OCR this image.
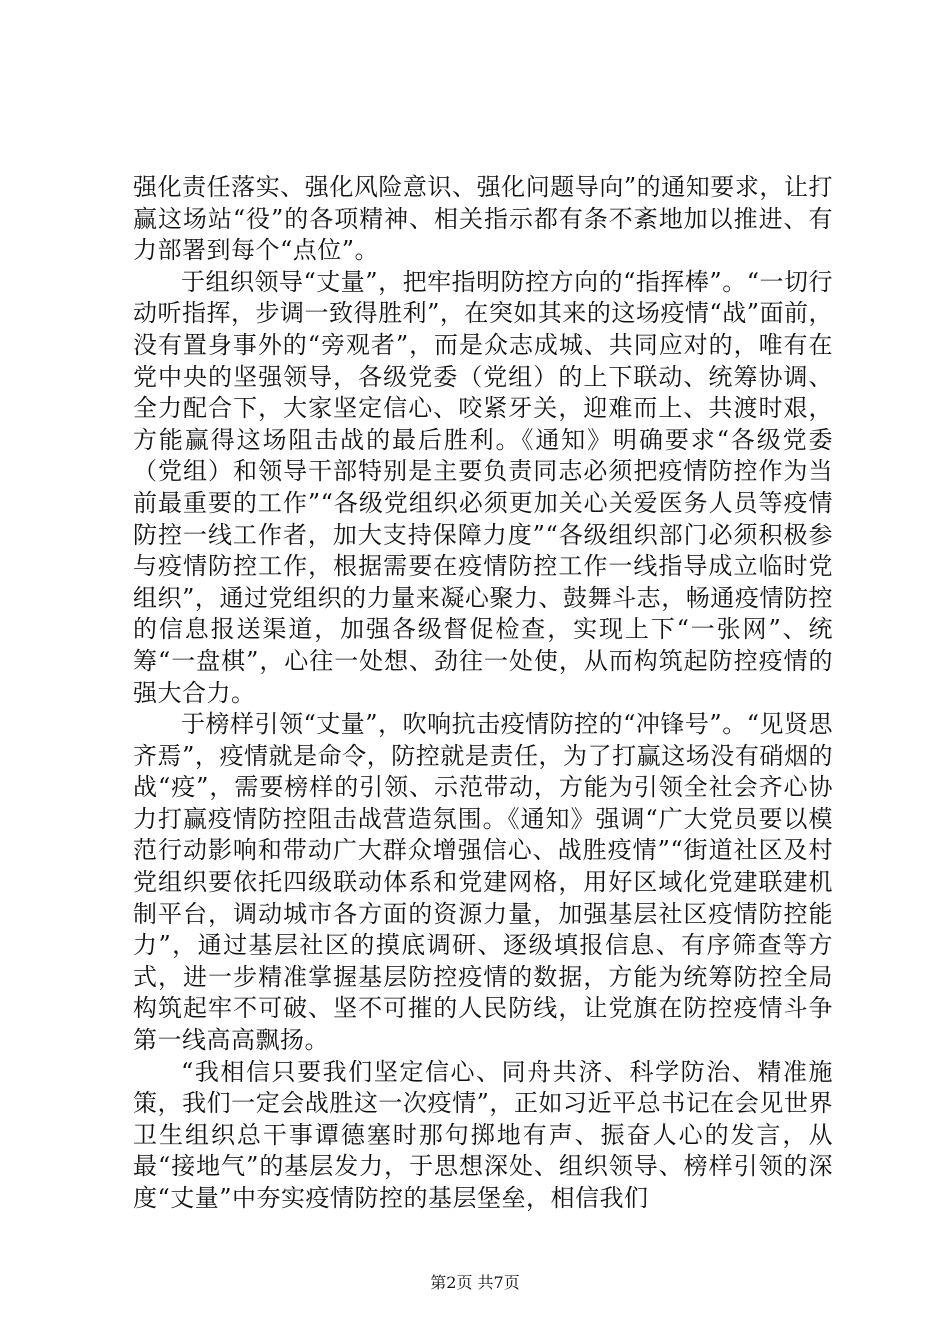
强化责任落实、强化风险意识、强化问题导向”的通知要求，让打赢这场站“役”的各项精神、相关指示都有条不紊地加以推进、有力部署到每个“点位”。

于组织领导“丈量”，把牢指明防控方向的“指挥棒”。“一切行动听指挥，步调一致得胜利”，在突如其来的这场疫情“战”面前，没有置身事外的“旁观者”，而是众志成城、共同应对的，唯有在党中央的坚强领导，各级党委（党组）的上下联动、统筹协调、全力配合下，大家坚定信心、咬紧牙关，迎难而上、共渡时艰，方能赢得这场阻击战的最后胜利。《通知》明确要求“各级党委（党组）和领导干部特别是主要负责同志必须把疫情防控作为当前最重要的工作”“各级党组织必须更加关心关爱医务人员等疫情防控一线工作者，加大支持保障力度”“各级组织部门必须积极参与疫情防控工作，根据需要在疫情防控工作一线指导成立临时党组织”，通过党组织的力量来凝心聚力、鼓舞斗志，畅通疫情防控的信息报送渠道，加强各级督促检查，实现上下“一张网”、统筹“一盘棋”，心往一处想、劲往一处使，从而构筑起防控疫情的强大合力。

于榜样引领“丈量”，吹响抗击疫情防控的“冲锋号”。“见贤思齐焉”，疫情就是命令，防控就是责任，为了打赢这场没有硝烟的战“疫”，需要榜样的引领、示范带动，方能为引领全社会齐心协力打赢疫情防控阻击战营造氛围。《通知》强调“广大党员要以模范行动影响和带动广大群众增强信心、战胜疫情”“街道社区及村党组织要依托四级联动体系和党建网格，用好区域化党建联建机制平台，调动城市各方面的资源力量，加强基层社区疫情防控能力”，通过基层社区的摸底调研、逐级填报信息、有序筛查等方式，进一步精准掌握基层防控疫情的数据，方能为统筹防控全局构筑起牢不可破、坚不可摧的人民防线，让党旗在防控疫情斗争第一线高高飘扬。

“我相信只要我们坚定信心、同舟共济、科学防治、精准施策，我们一定会战胜这一次疫情”，正如习近平总书记在会见世界卫生组织总干事谭德塞时那句掷地有声、振奋人心的发言，从最“接地气”的基层发力，于思想深处、组织领导、榜样引领的深度“丈量”中夯实疫情防控的基层堡垒，相信我们

第2页 共7页
